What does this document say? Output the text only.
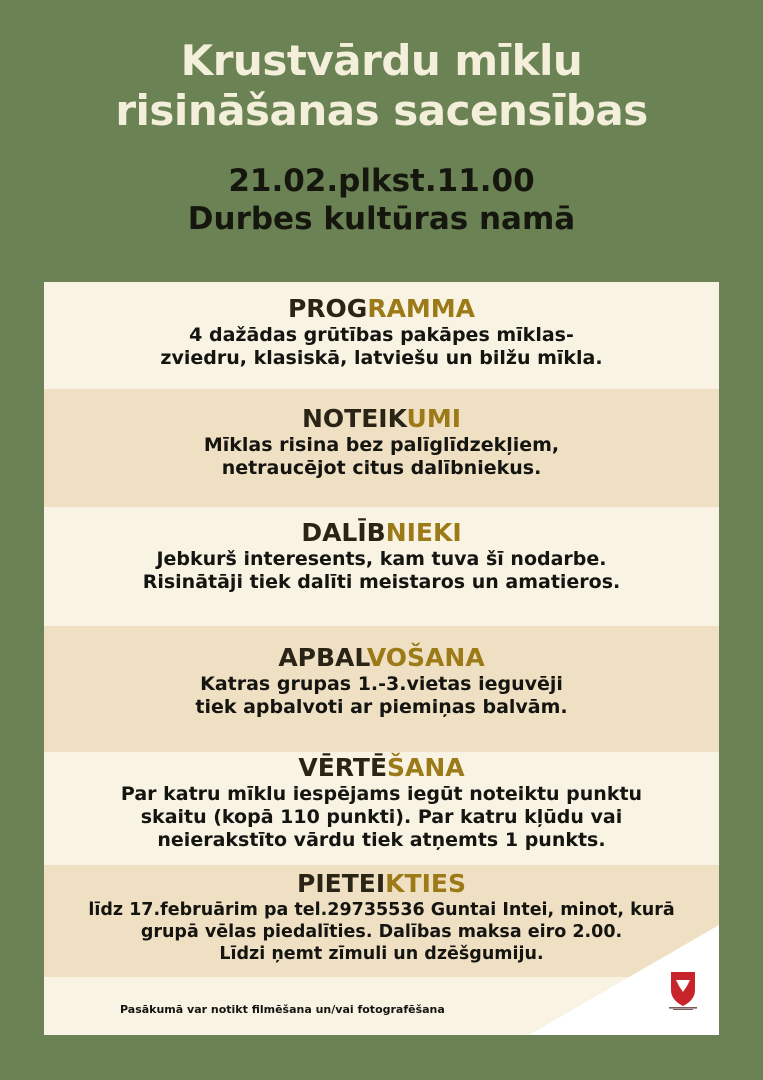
Krustvārdu mīklu
risināšanas sacensības
21.02.plkst.11.00
Durbes kultūras namā
PROGRAMMA
4 dažādas grūtības pakāpes mīklas-
zviedru, klasiskā, latviešu un bilžu mīkla.
NOTEIKUMI
Mīklas risina bez palīglīdzekļiem,
netraucējot citus dalībniekus.
DALĪBNIEKI
Jebkurš interesents, kam tuva šī nodarbe.
Risinātāji tiek dalīti meistaros un amatieros.
APBALVOŠANA
Katras grupas 1.-3.vietas ieguvēji
tiek apbalvoti ar piemiņas balvām.
VĒRTĒŠANA
Par katru mīklu iespējams iegūt noteiktu punktu
skaitu (kopā 110 punkti). Par katru kļūdu vai
neierakstīto vārdu tiek atņemts 1 punkts.
PIETEIKTIES
līdz 17.februārim pa tel.29735536 Guntai Intei, minot, kurā
grupā vēlas piedalīties. Dalības maksa eiro 2.00.
Līdzi ņemt zīmuli un dzēšgumiju.
Pasākumā var notikt filmēšana un/vai fotografēšana
